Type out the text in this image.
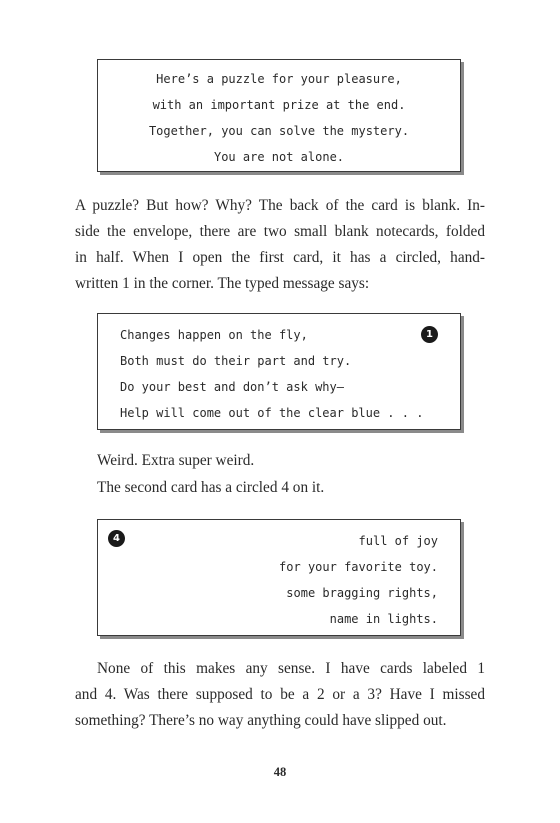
Here’s a puzzle for your pleasure,
with an important prize at the end.
Together, you can solve the mystery.
You are not alone.
A puzzle? But how? Why? The back of the card is blank. In-
side the envelope, there are two small blank notecards, folded
in half. When I open the first card, it has a circled, hand-
written 1 in the corner. The typed message says:
1
Changes happen on the fly,
Both must do their part and try.
Do your best and don’t ask why—
Help will come out of the clear blue . . .
Weird. Extra super weird.
The second card has a circled 4 on it.
4	full of joy
for your favorite toy.
some bragging rights,
name in lights.
None of this makes any sense. I have cards labeled 1
and 4. Was there supposed to be a 2 or a 3? Have I missed
something? There’s no way anything could have slipped out.
48
